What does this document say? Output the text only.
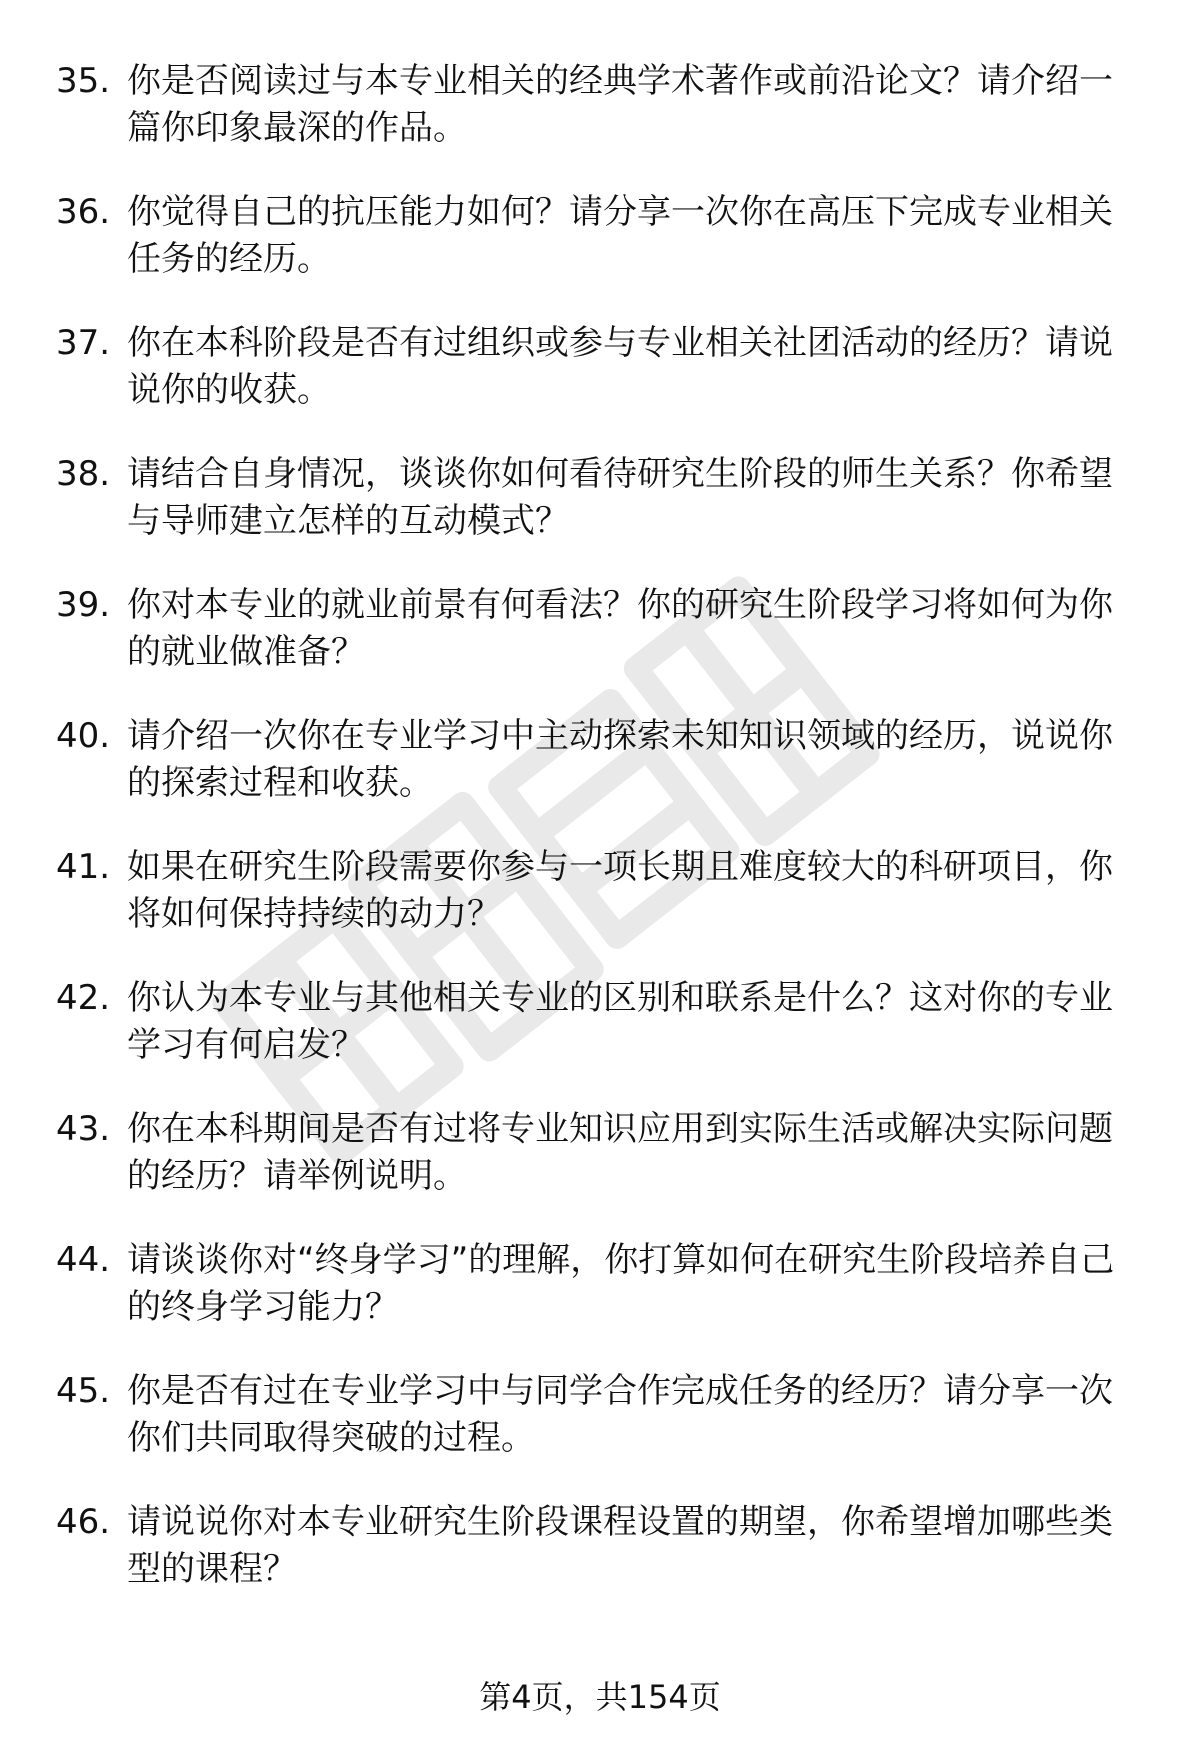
35. 你是否阅读过与本专业相关的经典学术著作或前沿论文？请介绍一篇你印象最深的作品。
36. 你觉得自己的抗压能力如何？请分享一次你在高压下完成专业相关任务的经历。
37. 你在本科阶段是否有过组织或参与专业相关社团活动的经历？请说说你的收获。
38. 请结合自身情况，谈谈你如何看待研究生阶段的师生关系？你希望与导师建立怎样的互动模式？
39. 你对本专业的就业前景有何看法？你的研究生阶段学习将如何为你的就业做准备？
40. 请介绍一次你在专业学习中主动探索未知知识领域的经历，说说你的探索过程和收获。
41. 如果在研究生阶段需要你参与一项长期且难度较大的科研项目，你将如何保持持续的动力？
42. 你认为本专业与其他相关专业的区别和联系是什么？这对你的专业学习有何启发？
43. 你在本科期间是否有过将专业知识应用到实际生活或解决实际问题的经历？请举例说明。
44. 请谈谈你对“终身学习”的理解，你打算如何在研究生阶段培养自己的终身学习能力？
45. 你是否有过在专业学习中与同学合作完成任务的经历？请分享一次你们共同取得突破的过程。
46. 请说说你对本专业研究生阶段课程设置的期望，你希望增加哪些类型的课程？
第4页，共154页
